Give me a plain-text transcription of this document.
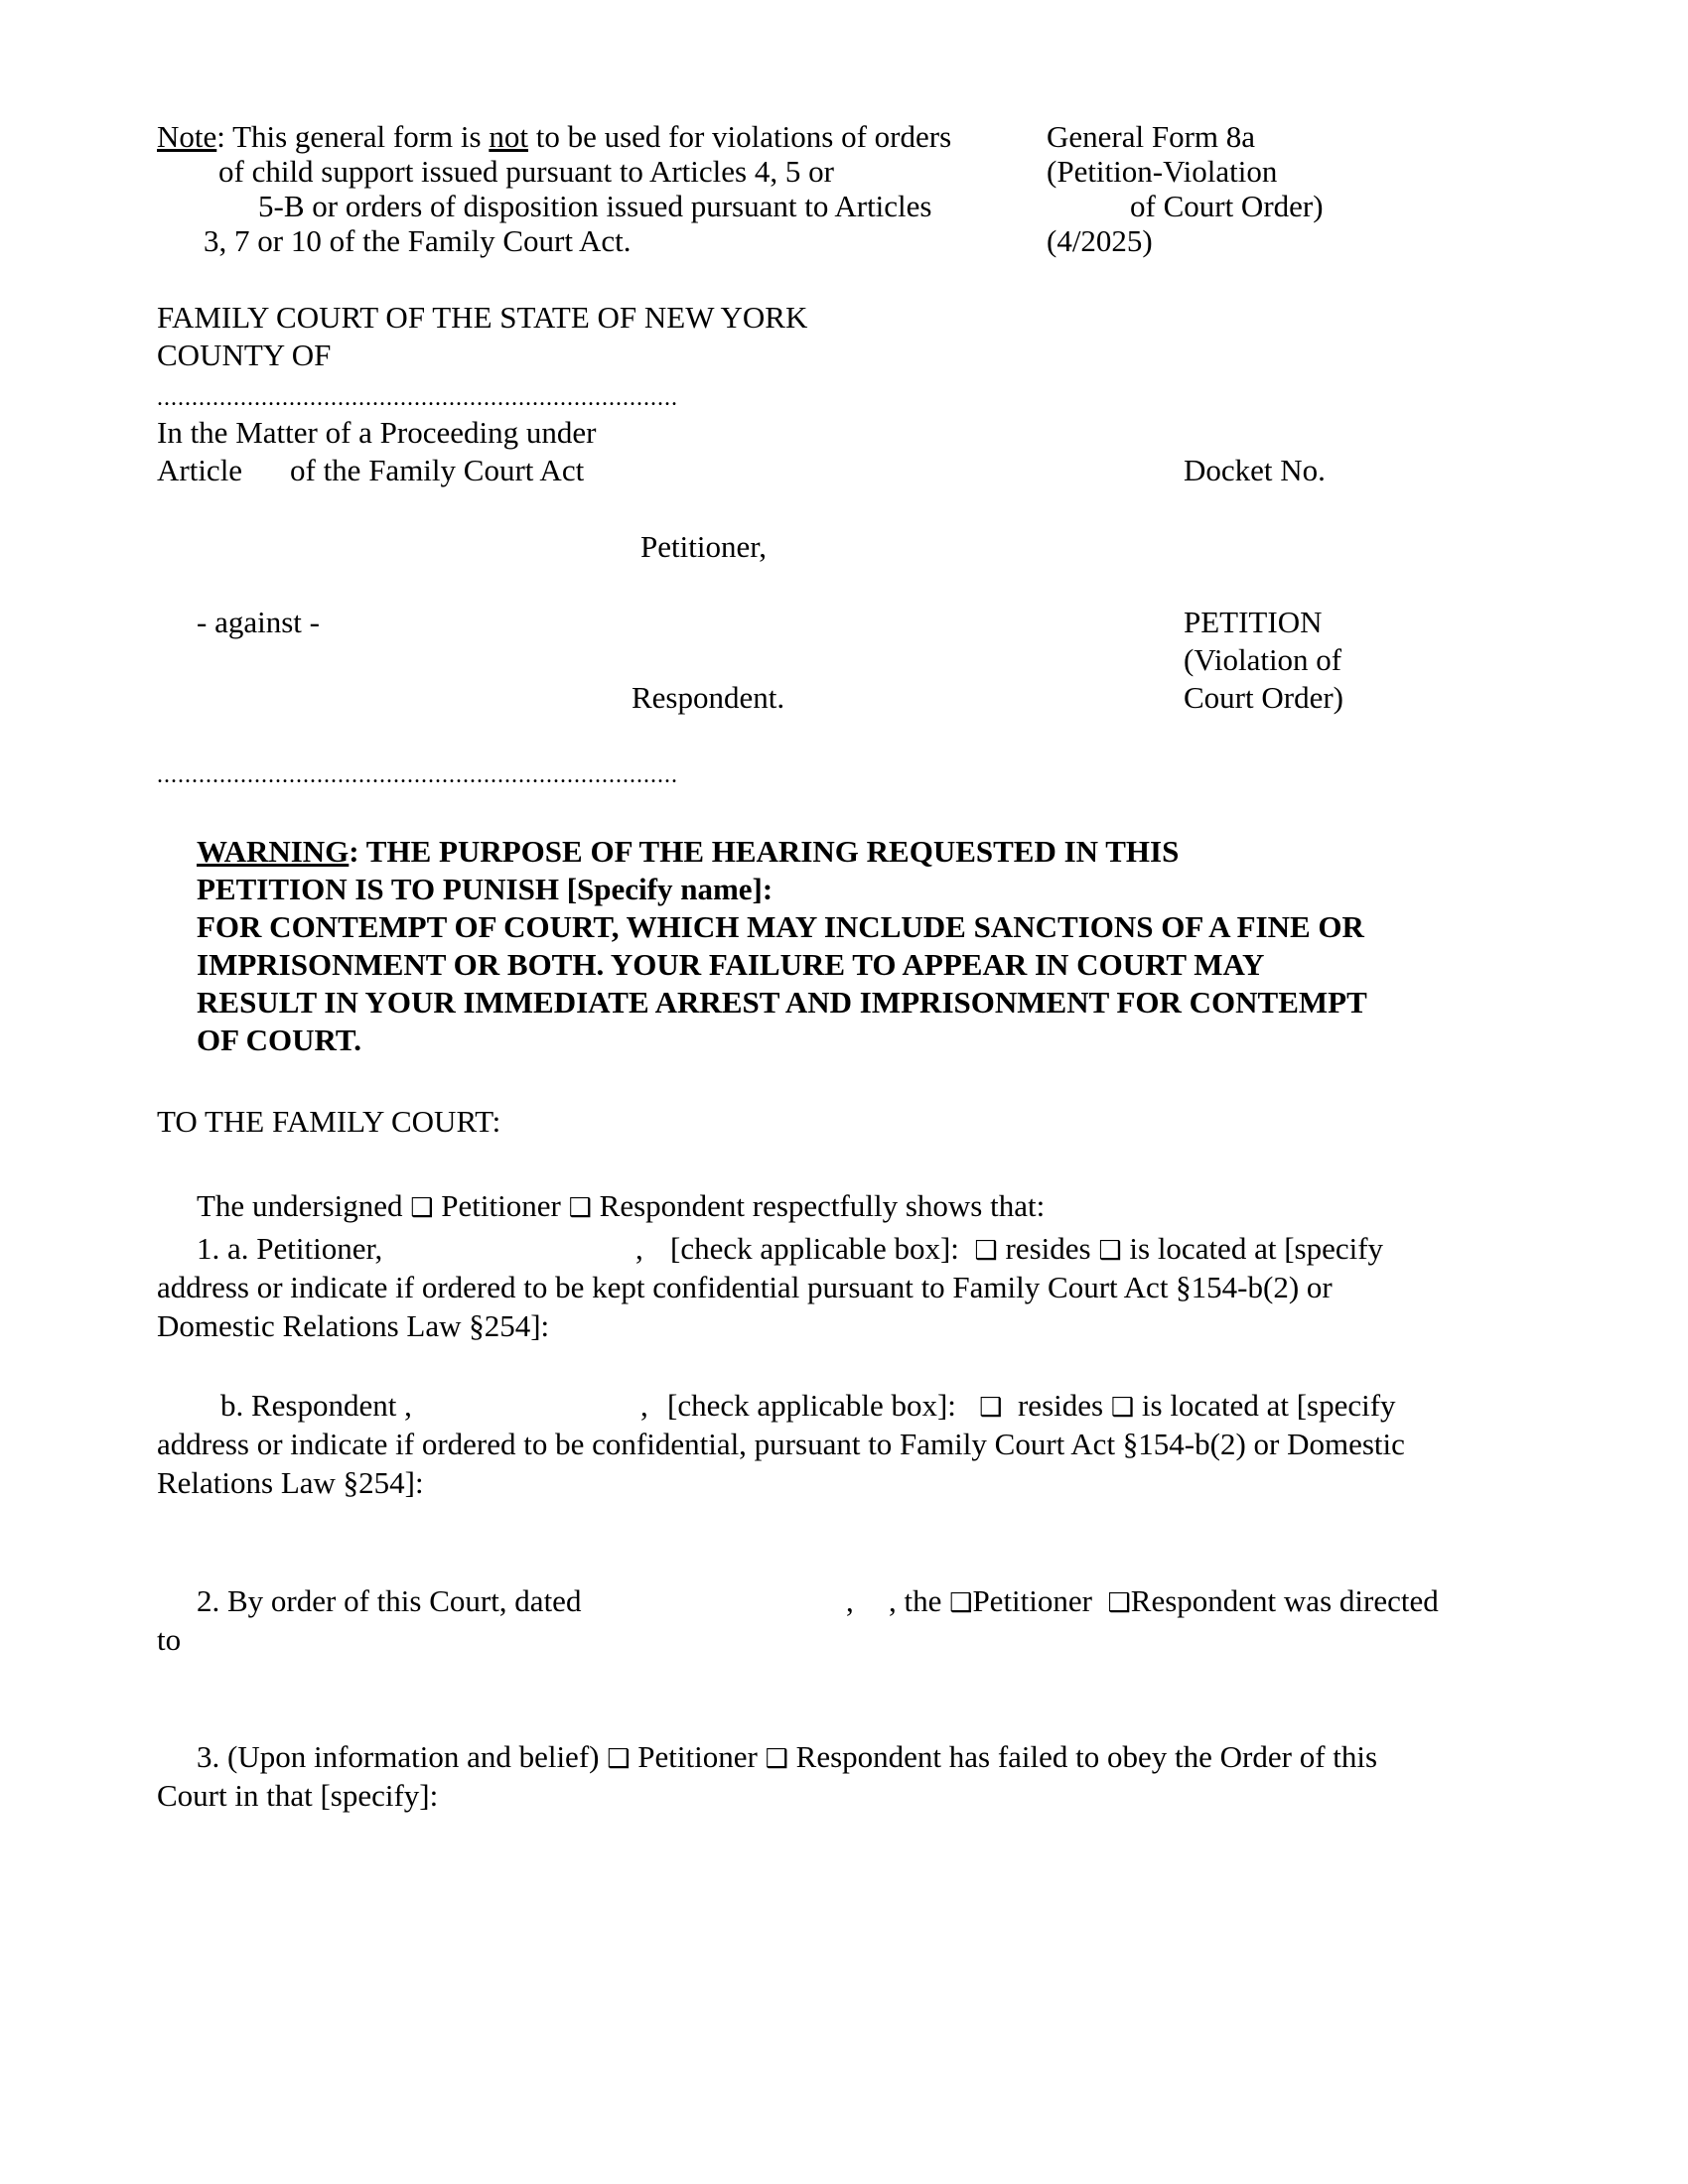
Note: This general form is not to be used for violations of orders
of child support issued pursuant to Articles 4, 5 or
5-B or orders of disposition issued pursuant to Articles
3, 7 or 10 of the Family Court Act.
General Form 8a
(Petition-Violation
of Court Order)
(4/2025)
FAMILY COURT OF THE STATE OF NEW YORK
COUNTY OF
...........................................................................
In the Matter of a Proceeding under
Article of the Family Court Act	Docket No.
Petitioner,
- against -	PETITION
(Violation of
Respondent.	Court Order)
...........................................................................
WARNING: THE PURPOSE OF THE HEARING REQUESTED IN THIS
PETITION IS TO PUNISH [Specify name]:
FOR CONTEMPT OF COURT, WHICH MAY INCLUDE SANCTIONS OF A FINE OR
IMPRISONMENT OR BOTH. YOUR FAILURE TO APPEAR IN COURT MAY
RESULT IN YOUR IMMEDIATE ARREST AND IMPRISONMENT FOR CONTEMPT
OF COURT.
TO THE FAMILY COURT:
The undersigned ❑ Petitioner ❑ Respondent respectfully shows that:
1. a. Petitioner,	, [check applicable box]: ❑ resides ❑ is located at [specify
address or indicate if ordered to be kept confidential pursuant to Family Court Act §154-b(2) or
Domestic Relations Law §254]:
b. Respondent ,	, [check applicable box]: ❑ resides ❑ is located at [specify
address or indicate if ordered to be confidential, pursuant to Family Court Act §154-b(2) or Domestic
Relations Law §254]:
2. By order of this Court, dated	, , the ❑Petitioner ❑Respondent was directed
to
3. (Upon information and belief) ❑ Petitioner ❑ Respondent has failed to obey the Order of this
Court in that [specify]:
